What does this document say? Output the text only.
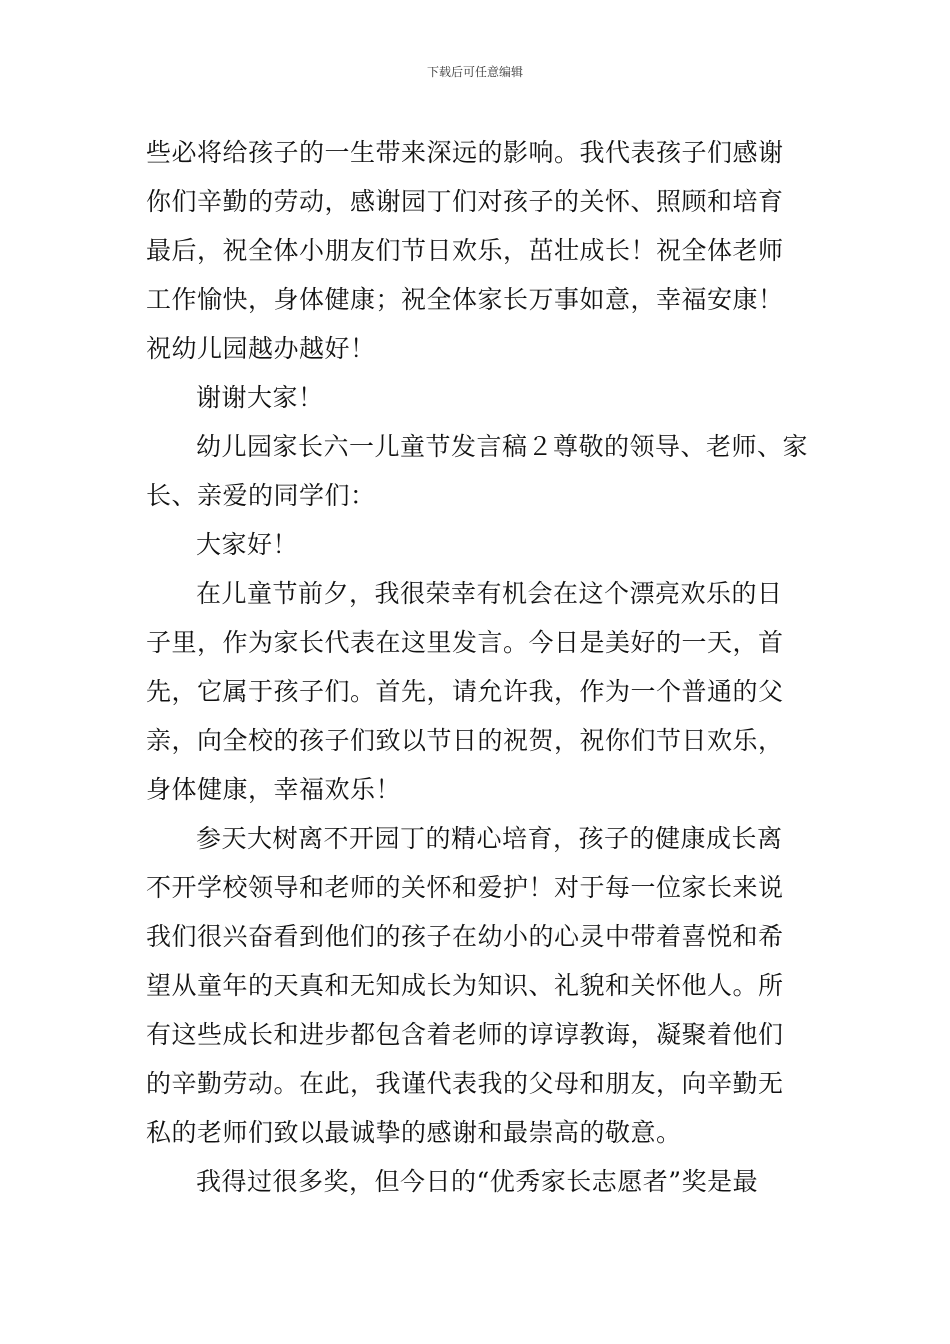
下载后可任意编辑
些必将给孩子的一生带来深远的影响。我代表孩子们感谢
你们辛勤的劳动，感谢园丁们对孩子的关怀、照顾和培育
最后，祝全体小朋友们节日欢乐，茁壮成长！祝全体老师
工作愉快，身体健康；祝全体家长万事如意，幸福安康！
祝幼儿园越办越好！
谢谢大家！
幼儿园家长六一儿童节发言稿２尊敬的领导、老师、家
长、亲爱的同学们：
大家好！
在儿童节前夕，我很荣幸有机会在这个漂亮欢乐的日
子里，作为家长代表在这里发言。今日是美好的一天，首
先，它属于孩子们。首先，请允许我，作为一个普通的父
亲，向全校的孩子们致以节日的祝贺，祝你们节日欢乐，
身体健康，幸福欢乐！
参天大树离不开园丁的精心培育，孩子的健康成长离
不开学校领导和老师的关怀和爱护！对于每一位家长来说
我们很兴奋看到他们的孩子在幼小的心灵中带着喜悦和希
望从童年的天真和无知成长为知识、礼貌和关怀他人。所
有这些成长和进步都包含着老师的谆谆教诲，凝聚着他们
的辛勤劳动。在此，我谨代表我的父母和朋友，向辛勤无
私的老师们致以最诚挚的感谢和最崇高的敬意。
我得过很多奖，但今日的“优秀家长志愿者”奖是最
